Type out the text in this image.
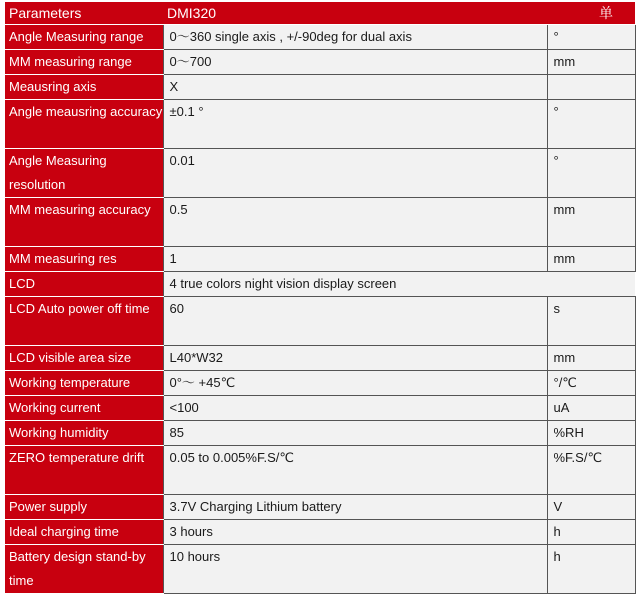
Parameters	DMI320	单
Angle Measuring range	0～360 single axis , +/-90deg for dual axis	°
MM measuring range	0～700	mm
Meausring axis	X	
Angle meausring accuracy	±0.1 °	°
Angle Measuring resolution	0.01	°
MM measuring accuracy	0.5	mm
MM measuring res	1	mm
LCD	4 true colors night vision display screen	
LCD Auto power off time	60	s
LCD visible area size	L40*W32	mm
Working temperature	0°～ +45℃	°/℃
Working current	<100	uA
Working humidity	85	%RH
ZERO temperature drift	0.05 to 0.005%F.S/℃	%F.S/℃
Power supply	3.7V Charging Lithium battery	V
Ideal charging time	3 hours	h
Battery design stand-by time	10 hours	h
